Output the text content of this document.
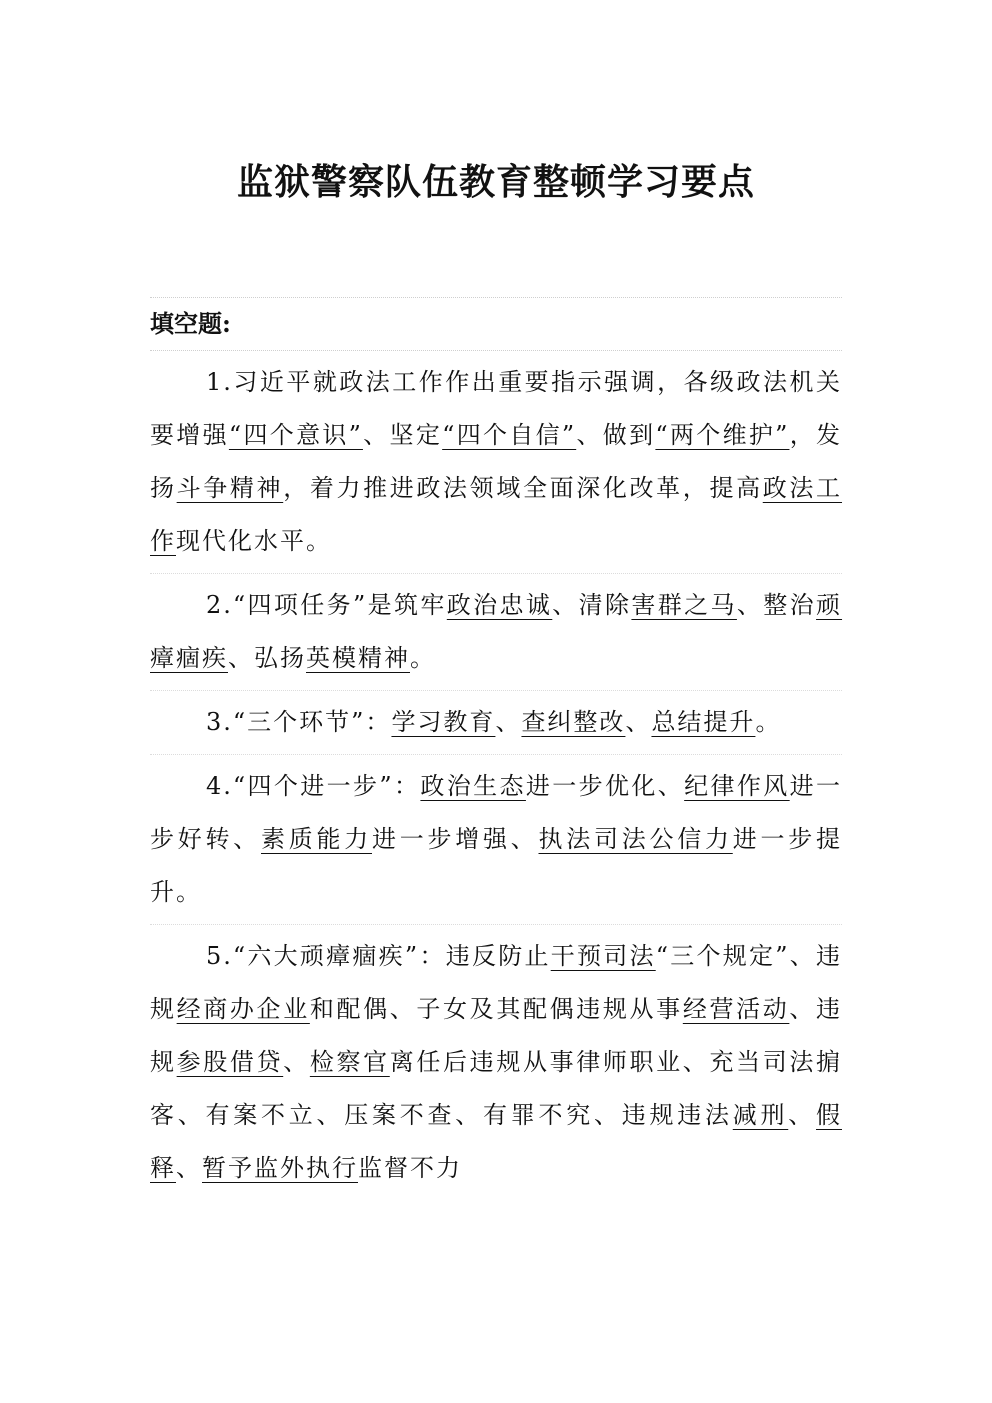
监狱警察队伍教育整顿学习要点
填空题:

1.习近平就政法工作作出重要指示强调，各级政法机关要增强“四个意识”、坚定“四个自信”、做到“两个维护”，发扬斗争精神，着力推进政法领域全面深化改革，提高政法工作现代化水平。

2.“四项任务”是筑牢政治忠诚、清除害群之马、整治顽瘴痼疾、弘扬英模精神。

3.“三个环节”：学习教育、查纠整改、总结提升。

4.“四个进一步”：政治生态进一步优化、纪律作风进一步好转、素质能力进一步增强、执法司法公信力进一步提升。

5.“六大顽瘴痼疾”：违反防止干预司法“三个规定”、违规经商办企业和配偶、子女及其配偶违规从事经营活动、违规参股借贷、检察官离任后违规从事律师职业、充当司法掮客、有案不立、压案不查、有罪不究、违规违法减刑、假释、暂予监外执行监督不力
